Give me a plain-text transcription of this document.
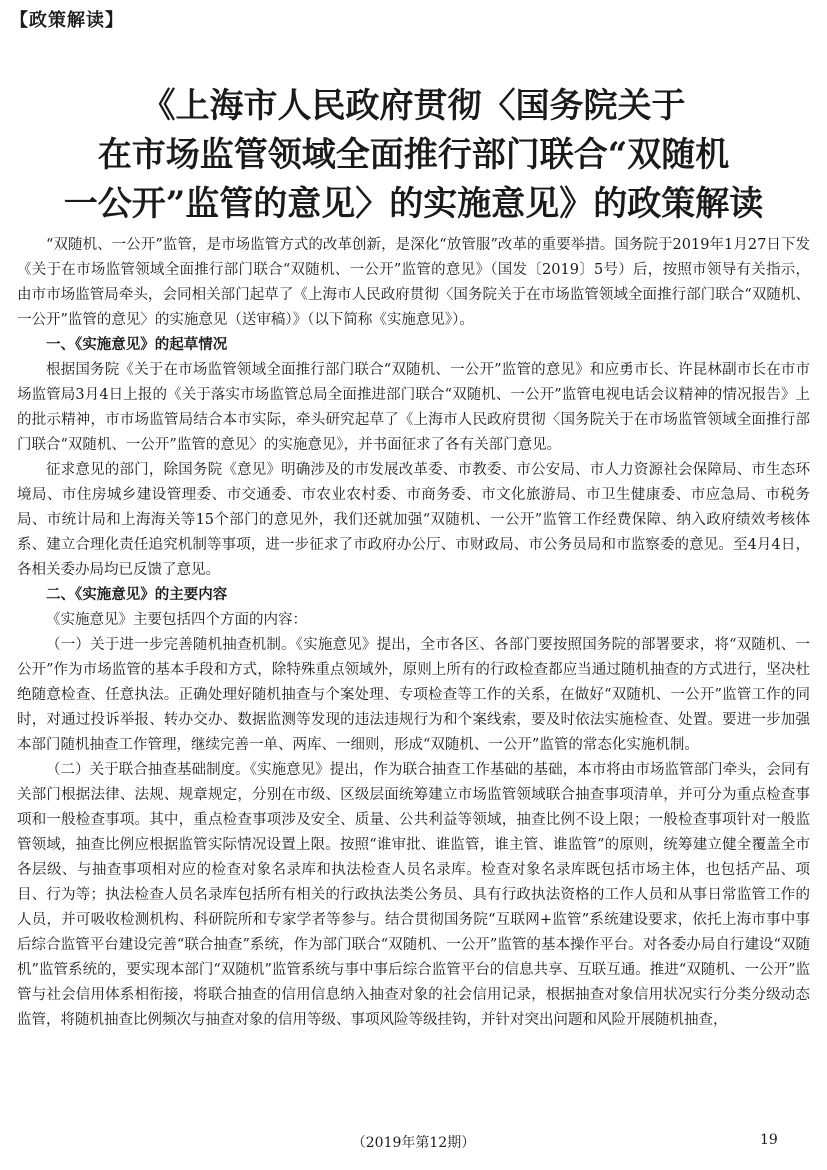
【政策解读】
《上海市人民政府贯彻〈国务院关于
在市场监管领域全面推行部门联合“双随机
一公开”监管的意见〉的实施意见》的政策解读

“双随机、一公开”监管，是市场监管方式的改革创新，是深化“放管服”改革的重要举措。国务院于2019年1月27日下发《关于在市场监管领域全面推行部门联合“双随机、一公开”监管的意见》（国发〔2019〕5号）后，按照市领导有关指示，由市市场监管局牵头，会同相关部门起草了《上海市人民政府贯彻〈国务院关于在市场监管领域全面推行部门联合“双随机、一公开”监管的意见〉的实施意见（送审稿）》（以下简称《实施意见》）。

一、《实施意见》的起草情况

根据国务院《关于在市场监管领域全面推行部门联合“双随机、一公开”监管的意见》和应勇市长、许昆林副市长在市市场监管局3月4日上报的《关于落实市场监管总局全面推进部门联合“双随机、一公开”监管电视电话会议精神的情况报告》上的批示精神，市市场监管局结合本市实际，牵头研究起草了《上海市人民政府贯彻〈国务院关于在市场监管领域全面推行部门联合“双随机、一公开”监管的意见〉的实施意见》，并书面征求了各有关部门意见。

征求意见的部门，除国务院《意见》明确涉及的市发展改革委、市教委、市公安局、市人力资源社会保障局、市生态环境局、市住房城乡建设管理委、市交通委、市农业农村委、市商务委、市文化旅游局、市卫生健康委、市应急局、市税务局、市统计局和上海海关等15个部门的意见外，我们还就加强“双随机、一公开”监管工作经费保障、纳入政府绩效考核体系、建立合理化责任追究机制等事项，进一步征求了市政府办公厅、市财政局、市公务员局和市监察委的意见。至4月4日，各相关委办局均已反馈了意见。

二、《实施意见》的主要内容

《实施意见》主要包括四个方面的内容：

（一）关于进一步完善随机抽查机制。《实施意见》提出，全市各区、各部门要按照国务院的部署要求，将“双随机、一公开”作为市场监管的基本手段和方式，除特殊重点领域外，原则上所有的行政检查都应当通过随机抽查的方式进行，坚决杜绝随意检查、任意执法。正确处理好随机抽查与个案处理、专项检查等工作的关系，在做好“双随机、一公开”监管工作的同时，对通过投诉举报、转办交办、数据监测等发现的违法违规行为和个案线索，要及时依法实施检查、处置。要进一步加强本部门随机抽查工作管理，继续完善一单、两库、一细则，形成“双随机、一公开”监管的常态化实施机制。

（二）关于联合抽查基础制度。《实施意见》提出，作为联合抽查工作基础的基础，本市将由市场监管部门牵头，会同有关部门根据法律、法规、规章规定，分别在市级、区级层面统筹建立市场监管领域联合抽查事项清单，并可分为重点检查事项和一般检查事项。其中，重点检查事项涉及安全、质量、公共利益等领域，抽查比例不设上限；一般检查事项针对一般监管领域，抽查比例应根据监管实际情况设置上限。按照“谁审批、谁监管，谁主管、谁监管”的原则，统筹建立健全覆盖全市各层级、与抽查事项相对应的检查对象名录库和执法检查人员名录库。检查对象名录库既包括市场主体，也包括产品、项目、行为等；执法检查人员名录库包括所有相关的行政执法类公务员、具有行政执法资格的工作人员和从事日常监管工作的人员，并可吸收检测机构、科研院所和专家学者等参与。结合贯彻国务院“互联网+监管”系统建设要求，依托上海市事中事后综合监管平台建设完善“联合抽查”系统，作为部门联合“双随机、一公开”监管的基本操作平台。对各委办局自行建设“双随机”监管系统的，要实现本部门“双随机”监管系统与事中事后综合监管平台的信息共享、互联互通。推进“双随机、一公开”监管与社会信用体系相衔接，将联合抽查的信用信息纳入抽查对象的社会信用记录，根据抽查对象信用状况实行分类分级动态监管，将随机抽查比例频次与抽查对象的信用等级、事项风险等级挂钩，并针对突出问题和风险开展随机抽查，

（2019年第12期）	19
